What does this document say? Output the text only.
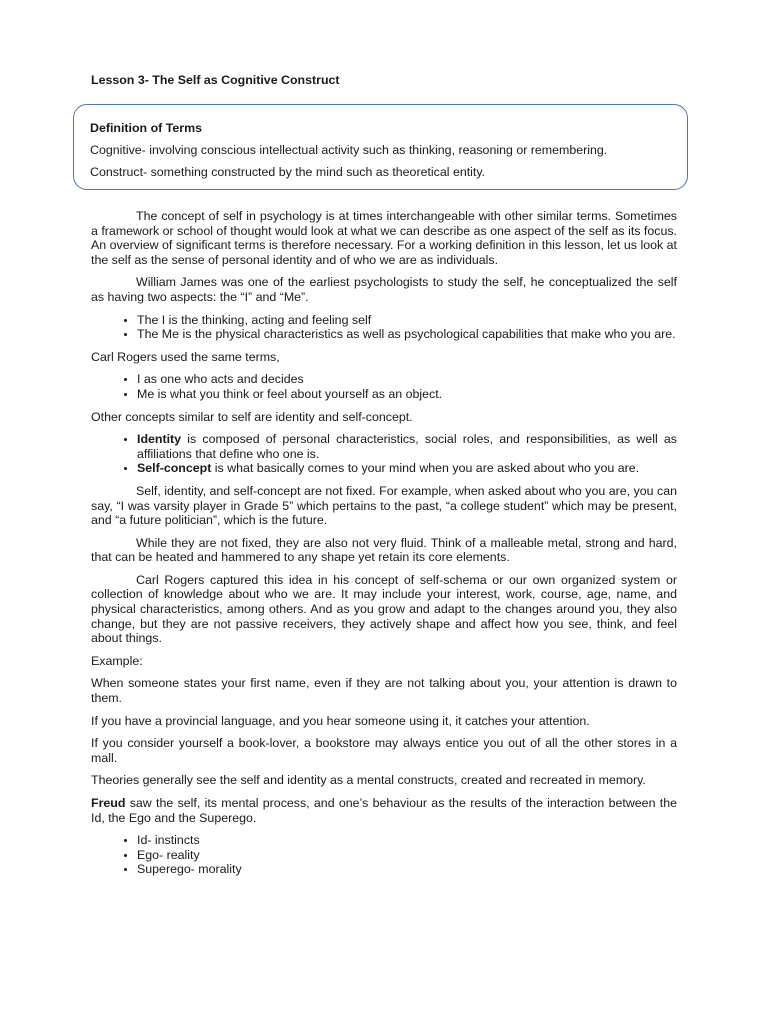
Lesson 3- The Self as Cognitive Construct

Definition of Terms

Cognitive- involving conscious intellectual activity such as thinking, reasoning or remembering.

Construct- something constructed by the mind such as theoretical entity.

The concept of self in psychology is at times interchangeable with other similar terms. Sometimes a framework or school of thought would look at what we can describe as one aspect of the self as its focus. An overview of significant terms is therefore necessary. For a working definition in this lesson, let us look at the self as the sense of personal identity and of who we are as individuals.

William James was one of the earliest psychologists to study the self, he conceptualized the self as having two aspects: the “I” and “Me”.

• The I is the thinking, acting and feeling self
• The Me is the physical characteristics as well as psychological capabilities that make who you are.

Carl Rogers used the same terms,

• I as one who acts and decides
• Me is what you think or feel about yourself as an object.

Other concepts similar to self are identity and self-concept.

• Identity is composed of personal characteristics, social roles, and responsibilities, as well as affiliations that define who one is.
• Self-concept is what basically comes to your mind when you are asked about who you are.

Self, identity, and self-concept are not fixed. For example, when asked about who you are, you can say, “I was varsity player in Grade 5” which pertains to the past, “a college student” which may be present, and “a future politician”, which is the future.

While they are not fixed, they are also not very fluid. Think of a malleable metal, strong and hard, that can be heated and hammered to any shape yet retain its core elements.

Carl Rogers captured this idea in his concept of self-schema or our own organized system or collection of knowledge about who we are. It may include your interest, work, course, age, name, and physical characteristics, among others. And as you grow and adapt to the changes around you, they also change, but they are not passive receivers, they actively shape and affect how you see, think, and feel about things.

Example:

When someone states your first name, even if they are not talking about you, your attention is drawn to them.

If you have a provincial language, and you hear someone using it, it catches your attention.

If you consider yourself a book-lover, a bookstore may always entice you out of all the other stores in a mall.

Theories generally see the self and identity as a mental constructs, created and recreated in memory.

Freud saw the self, its mental process, and one’s behaviour as the results of the interaction between the Id, the Ego and the Superego.

• Id- instincts
• Ego- reality
• Superego- morality
